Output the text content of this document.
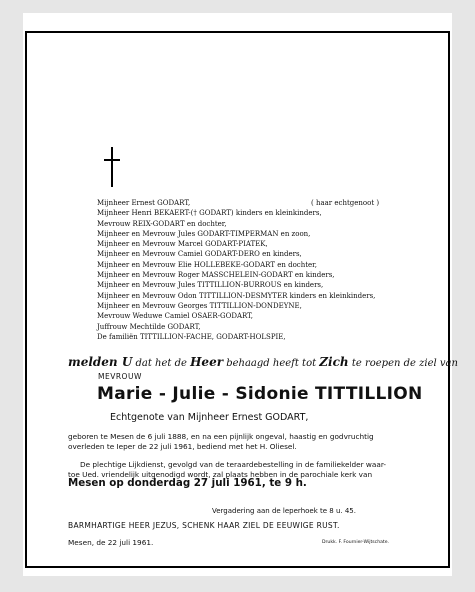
Mijnheer Ernest GODART,	( haar echtgenoot )
Mijnheer Henri BEKAERT-(† GODART) kinders en kleinkinders,
Mevrouw REIX-GODART en dochter,
Mijnheer en Mevrouw Jules GODART-TIMPERMAN en zoon,
Mijnheer en Mevrouw Marcel GODART-PIATEK,
Mijnheer en Mevrouw Camiel GODART-DERO en kinders,
Mijnheer en Mevrouw Elie HOLLEBEKE-GODART en dochter,
Mijnheer en Mevrouw Roger MASSCHELEIN-GODART en kinders,
Mijnheer en Mevrouw Jules TITTILLION-BURROUS en kinders,
Mijnheer en Mevrouw Odon TITTILLION-DESMYTER kinders en kleinkinders,
Mijnheer en Mevrouw Georges TITTILLION-DONDEYNE,
Mevrouw Weduwe Camiel OSAER-GODART,
Juffrouw Mechtilde GODART,
De familiën TITTILLION-FACHE, GODART-HOLSPIE,
melden U dat het de Heer behaagd heeft tot Zich te roepen de ziel van
MEVROUW
Marie - Julie - Sidonie TITTILLION
Echtgenote van Mijnheer Ernest GODART,
geboren te Mesen de 6 juli 1888, en na een pijnlijk ongeval, haastig en godvruchtig
overleden te Ieper de 22 juli 1961, bediend met het H. Oliesel.
De plechtige Lijkdienst, gevolgd van de teraardebestelling in de familiekelder waar-
toe Ued. vriendelijk uitgenodigd wordt, zal plaats hebben in de parochiale kerk van
Mesen op donderdag 27 juli 1961, te 9 h.
Vergadering aan de leperhoek te 8 u. 45.
BARMHARTIGE HEER JEZUS, SCHENK HAAR ZIEL DE EEUWIGE RUST.
Mesen, de 22 juli 1961.	Drukk. F. Fournier-Wijtschate.
